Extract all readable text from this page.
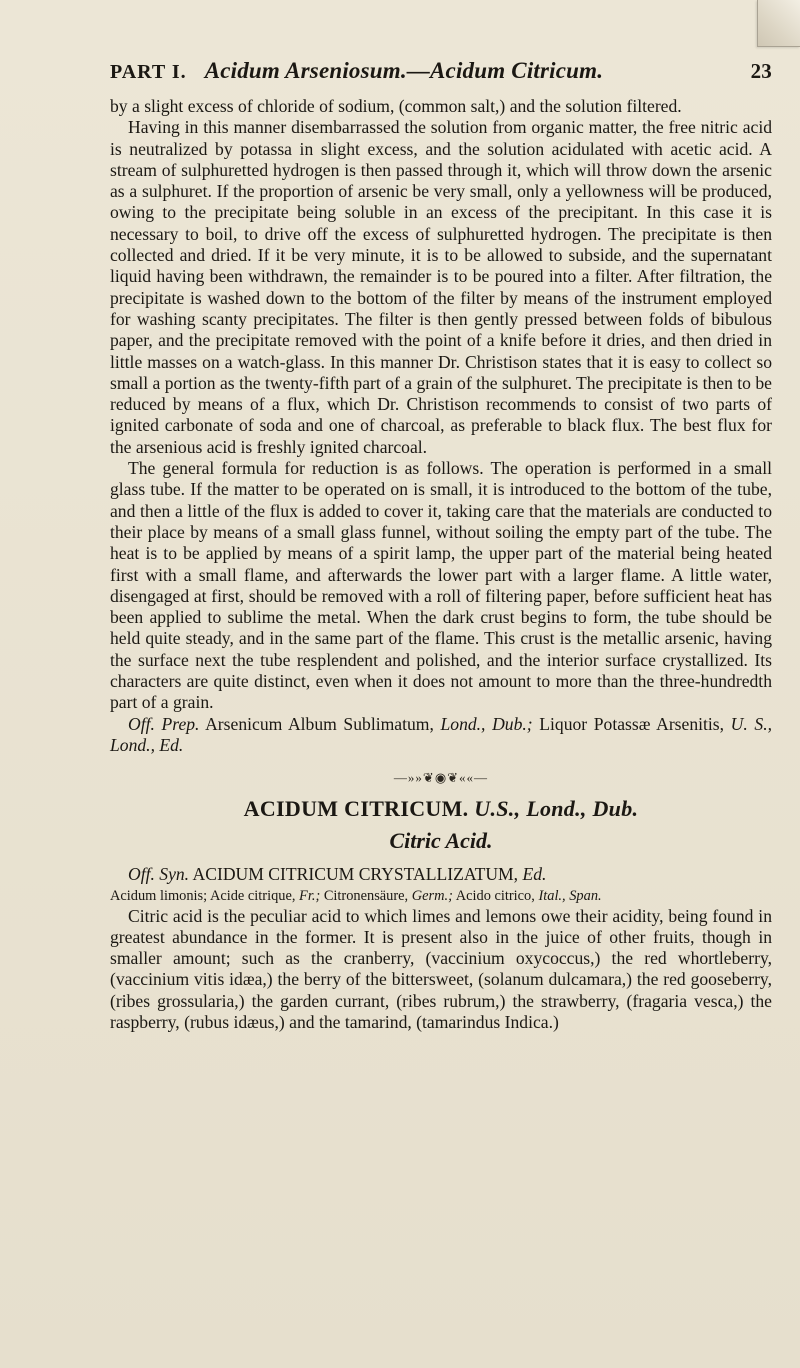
PART I. Acidum Arseniosum.—Acidum Citricum.	23

by a slight excess of chloride of sodium, (common salt,) and the solution filtered.

Having in this manner disembarrassed the solution from organic matter, the free nitric acid is neutralized by potassa in slight excess, and the solution acidulated with acetic acid. A stream of sulphuretted hydrogen is then passed through it, which will throw down the arsenic as a sulphuret. If the proportion of arsenic be very small, only a yellowness will be produced, owing to the precipitate being soluble in an excess of the precipitant. In this case it is necessary to boil, to drive off the excess of sulphuretted hydrogen. The precipitate is then collected and dried. If it be very minute, it is to be allowed to subside, and the supernatant liquid having been withdrawn, the remainder is to be poured into a filter. After filtration, the precipitate is washed down to the bottom of the filter by means of the instrument employed for washing scanty precipitates. The filter is then gently pressed between folds of bibulous paper, and the precipitate removed with the point of a knife before it dries, and then dried in little masses on a watch-glass. In this manner Dr. Christison states that it is easy to collect so small a portion as the twenty-fifth part of a grain of the sulphuret. The precipitate is then to be reduced by means of a flux, which Dr. Christison recommends to consist of two parts of ignited carbonate of soda and one of charcoal, as preferable to black flux. The best flux for the arsenious acid is freshly ignited charcoal.

The general formula for reduction is as follows. The operation is performed in a small glass tube. If the matter to be operated on is small, it is introduced to the bottom of the tube, and then a little of the flux is added to cover it, taking care that the materials are conducted to their place by means of a small glass funnel, without soiling the empty part of the tube. The heat is to be applied by means of a spirit lamp, the upper part of the material being heated first with a small flame, and afterwards the lower part with a larger flame. A little water, disengaged at first, should be removed with a roll of filtering paper, before sufficient heat has been applied to sublime the metal. When the dark crust begins to form, the tube should be held quite steady, and in the same part of the flame. This crust is the metallic arsenic, having the surface next the tube resplendent and polished, and the interior surface crystallized. Its characters are quite distinct, even when it does not amount to more than the three-hundredth part of a grain.

Off. Prep. Arsenicum Album Sublimatum, Lond., Dub.; Liquor Potassæ Arsenitis, U. S., Lond., Ed.

—»»❦◉❦««—
ACIDUM CITRICUM. U.S., Lond., Dub.
Citric Acid.

Off. Syn. ACIDUM CITRICUM CRYSTALLIZATUM, Ed.

Acidum limonis; Acide citrique, Fr.; Citronensäure, Germ.; Acido citrico, Ital., Span.

Citric acid is the peculiar acid to which limes and lemons owe their acidity, being found in greatest abundance in the former. It is present also in the juice of other fruits, though in smaller amount; such as the cranberry, (vaccinium oxycoccus,) the red whortleberry, (vaccinium vitis idæa,) the berry of the bittersweet, (solanum dulcamara,) the red gooseberry, (ribes grossularia,) the garden currant, (ribes rubrum,) the strawberry, (fragaria vesca,) the raspberry, (rubus idæus,) and the tamarind, (tamarindus Indica.)
